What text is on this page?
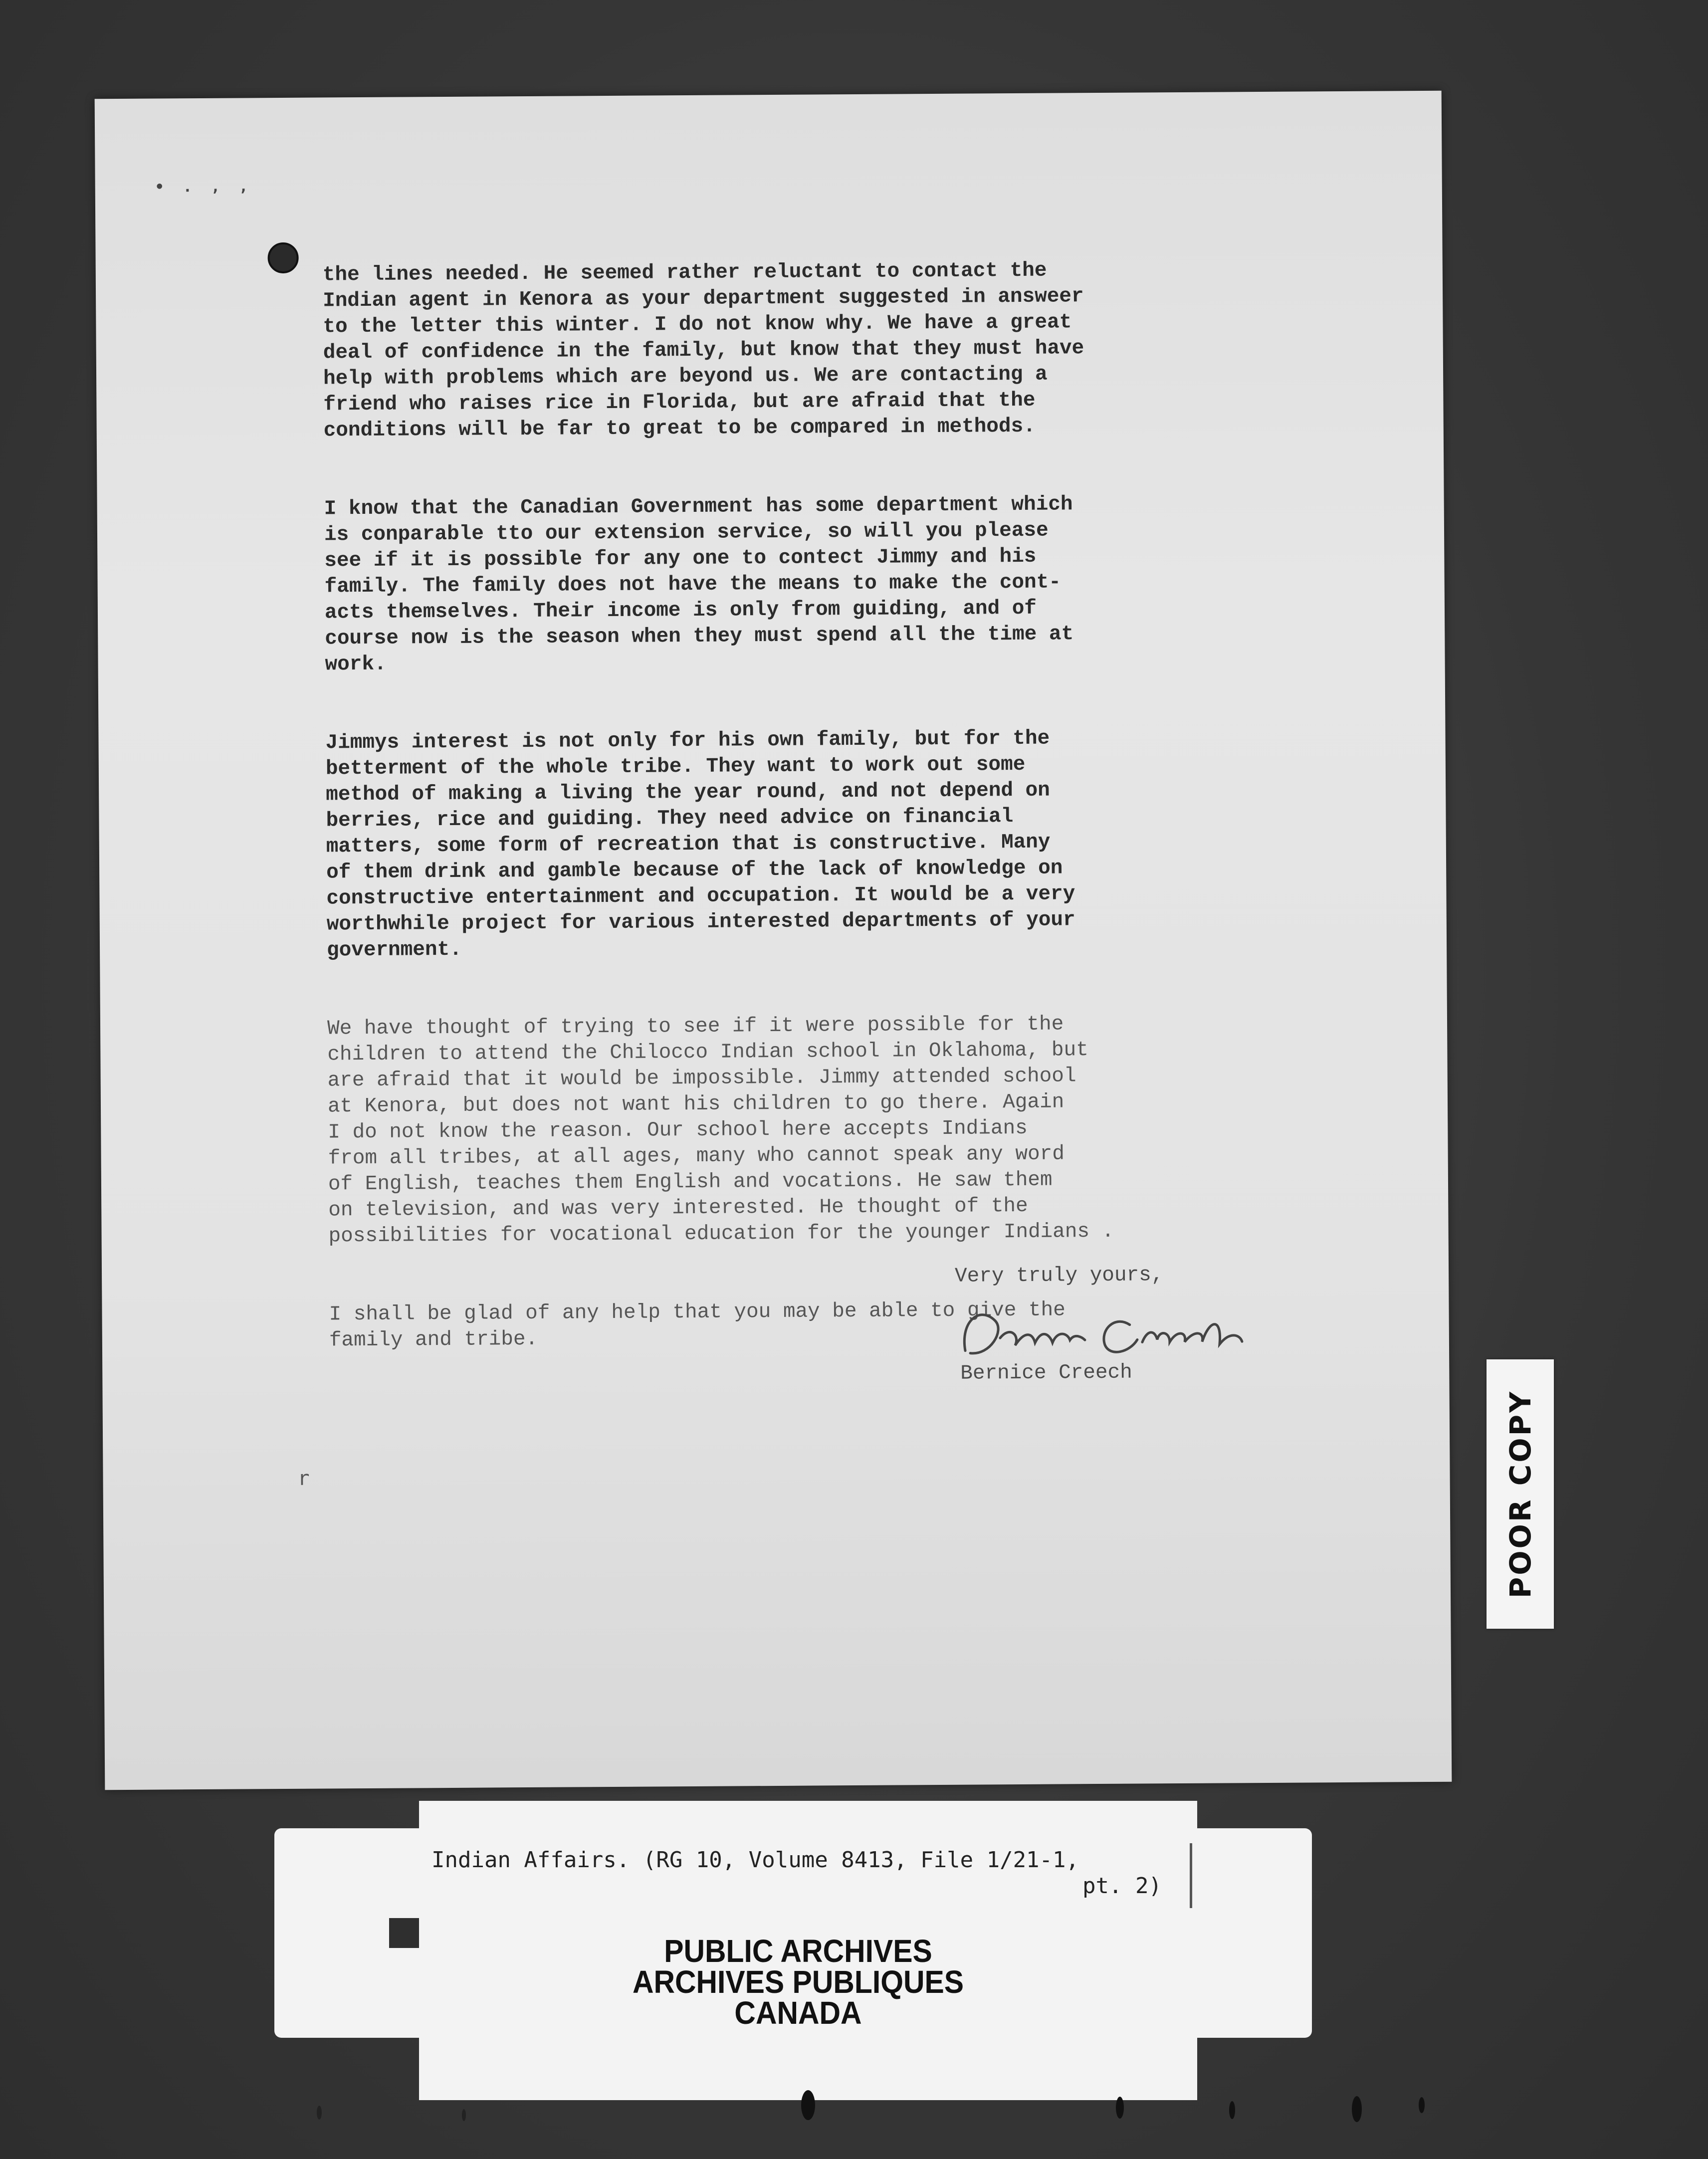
• . , ,

the lines needed. He seemed rather reluctant to contact the
Indian agent in Kenora as your department suggested in answeer
to the letter this winter. I do not know why. We have a great
deal of confidence in the family, but know that they must have
help with problems which are beyond us. We are contacting a
friend who raises rice in Florida, but are afraid that the
conditions will be far to great to be compared in methods.

I know that the Canadian Government has some department which
is conparable tto our extension service, so will you please
see if it is possible for any one to contect Jimmy and his
family. The family does not have the means to make the cont-
acts themselves. Their income is only from guiding, and of
course now is the season when they must spend all the time at
work.

Jimmys interest is not only for his own family, but for the
betterment of the whole tribe. They want to work out some
method of making a living the year round, and not depend on
berries, rice and guiding. They need advice on financial
matters, some form of recreation that is constructive. Many
of them drink and gamble because of the lack of knowledge on
constructive entertainment and occupation. It would be a very
worthwhile project for various interested departments of your
government.

We have thought of trying to see if it were possible for the
children to attend the Chilocco Indian school in Oklahoma, but
are afraid that it would be impossible. Jimmy attended school
at Kenora, but does not want his children to go there. Again
I do not know the reason. Our school here accepts Indians
from all tribes, at all ages, many who cannot speak any word
of English, teaches them English and vocations. He saw them
on television, and was very interested. He thought of the
possibilities for vocational education for the younger Indians .

I shall be glad of any help that you may be able to give the
family and tribe.

Very truly yours,
Bernice Creech
r	POOR COPY
Indian Affairs. (RG 10, Volume 8413, File 1/21-1,
pt. 2)
PUBLIC ARCHIVES
ARCHIVES PUBLIQUES
CANADA
